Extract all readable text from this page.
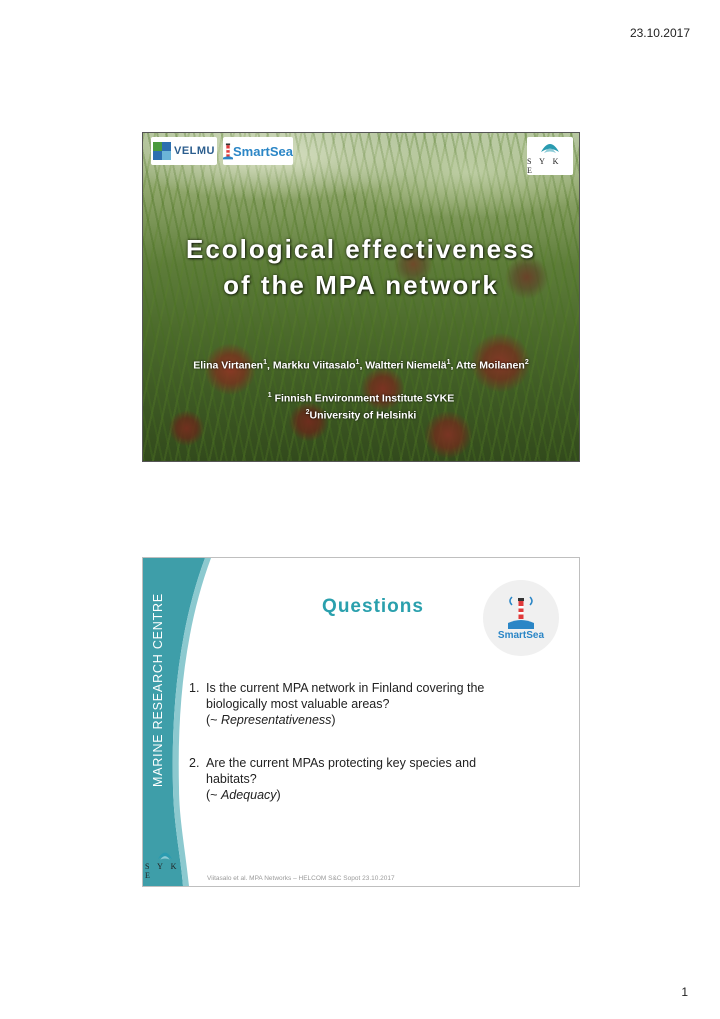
23.10.2017
VELMU SmartSea
S Y K E
Ecological effectiveness
of the MPA network
Elina Virtanen$^1$, Markku Viitasalo$^1$, Waltteri Niemelä$^1$, Atte Moilanen$^2$
$^1$ Finnish Environment Institute SYKE
$^2$University of Helsinki
MARINE RESEARCH CENTRE
S Y K E
Questions
SmartSea
1. Is the current MPA network in Finland covering the
biologically most valuable areas?
(~ Representativeness)
2. Are the current MPAs protecting key species and
habitats?
(~ Adequacy)
Viitasalo et al. MPA Networks – HELCOM S&C Sopot 23.10.2017
1
